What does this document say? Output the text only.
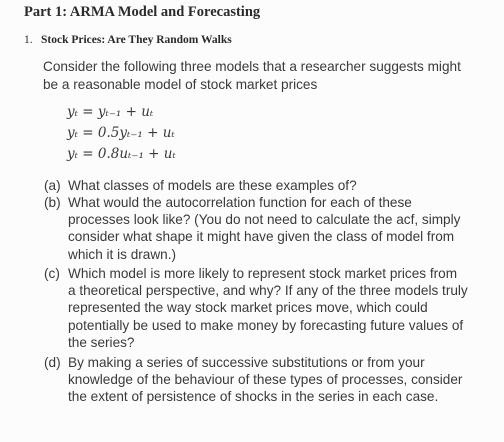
Part 1: ARMA Model and Forecasting
1. Stock Prices: Are They Random Walks
Consider the following three models that a researcher suggests might be a reasonable model of stock market prices
yₜ = yₜ₋₁ + uₜ
yₜ = 0.5yₜ₋₁ + uₜ
yₜ = 0.8uₜ₋₁ + uₜ
(a) What classes of models are these examples of?
(b) What would the autocorrelation function for each of these processes look like? (You do not need to calculate the acf, simply consider what shape it might have given the class of model from which it is drawn.)
(c) Which model is more likely to represent stock market prices from a theoretical perspective, and why? If any of the three models truly represented the way stock market prices move, which could potentially be used to make money by forecasting future values of the series?
(d) By making a series of successive substitutions or from your knowledge of the behaviour of these types of processes, consider the extent of persistence of shocks in the series in each case.
